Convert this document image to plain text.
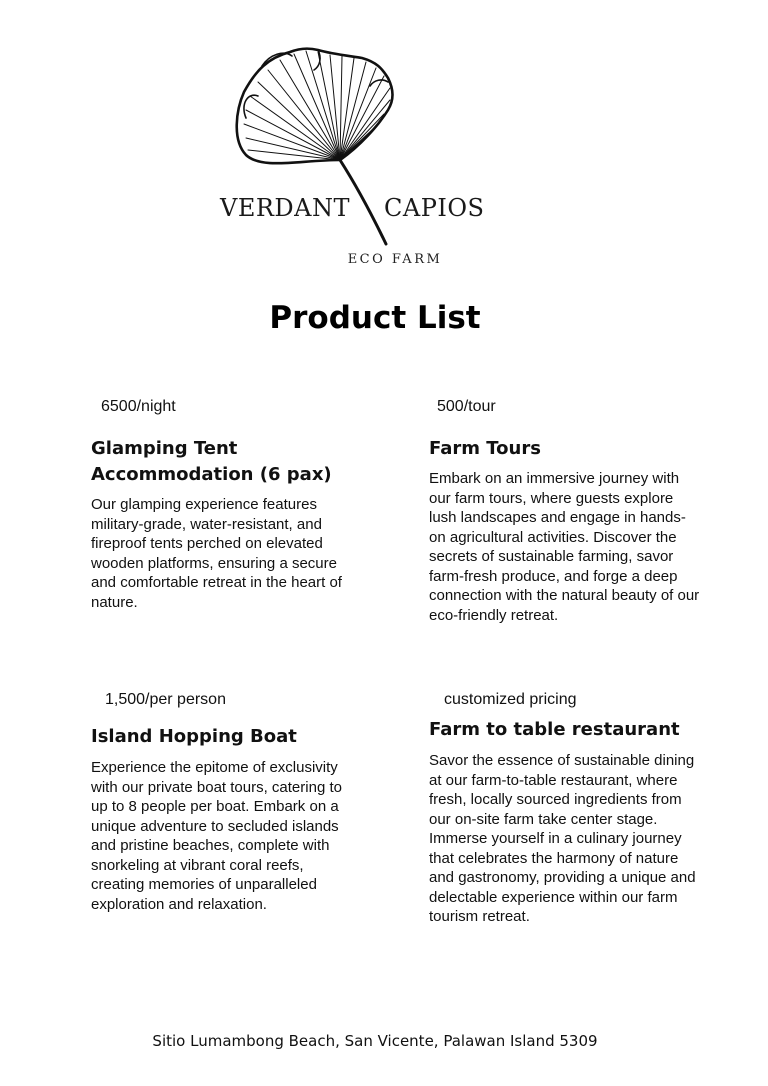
VERDANT CAPIOS
ECO FARM
Product List
6500/night
Glamping Tent Accommodation (6 pax)
Our glamping experience features military-grade, water-resistant, and fireproof tents perched on elevated wooden platforms, ensuring a secure and comfortable retreat in the heart of nature.
500/tour
Farm Tours
Embark on an immersive journey with our farm tours, where guests explore lush landscapes and engage in hands-on agricultural activities. Discover the secrets of sustainable farming, savor farm-fresh produce, and forge a deep connection with the natural beauty of our eco-friendly retreat.
1,500/per person
Island Hopping Boat
Experience the epitome of exclusivity with our private boat tours, catering to up to 8 people per boat. Embark on a unique adventure to secluded islands and pristine beaches, complete with snorkeling at vibrant coral reefs, creating memories of unparalleled exploration and relaxation.
customized pricing
Farm to table restaurant
Savor the essence of sustainable dining at our farm-to-table restaurant, where fresh, locally sourced ingredients from our on-site farm take center stage. Immerse yourself in a culinary journey that celebrates the harmony of nature and gastronomy, providing a unique and delectable experience within our farm tourism retreat.
Sitio Lumambong Beach, San Vicente, Palawan Island 5309
